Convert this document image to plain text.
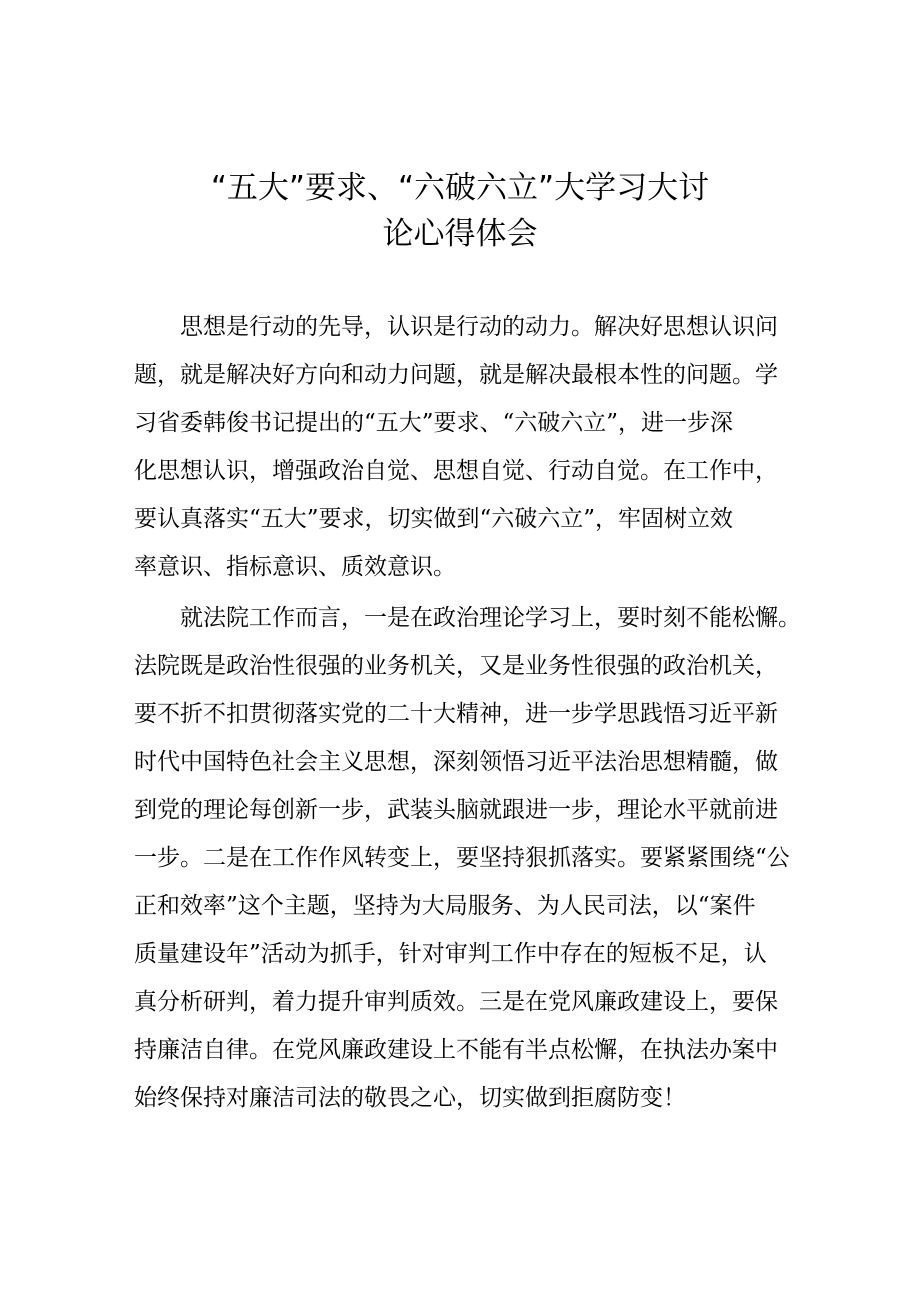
“五大”要求、“六破六立”大学习大讨
论心得体会
思想是行动的先导，认识是行动的动力。解决好思想认识问
题，就是解决好方向和动力问题，就是解决最根本性的问题。学
习省委韩俊书记提出的“五大”要求、“六破六立”，进一步深
化思想认识，增强政治自觉、思想自觉、行动自觉。在工作中，
要认真落实“五大”要求，切实做到“六破六立”，牢固树立效
率意识、指标意识、质效意识。
就法院工作而言，一是在政治理论学习上，要时刻不能松懈。
法院既是政治性很强的业务机关，又是业务性很强的政治机关，
要不折不扣贯彻落实党的二十大精神，进一步学思践悟习近平新
时代中国特色社会主义思想，深刻领悟习近平法治思想精髓，做
到党的理论每创新一步，武装头脑就跟进一步，理论水平就前进
一步。二是在工作作风转变上，要坚持狠抓落实。要紧紧围绕“公
正和效率”这个主题，坚持为大局服务、为人民司法，以“案件
质量建设年”活动为抓手，针对审判工作中存在的短板不足，认
真分析研判，着力提升审判质效。三是在党风廉政建设上，要保
持廉洁自律。在党风廉政建设上不能有半点松懈，在执法办案中
始终保持对廉洁司法的敬畏之心，切实做到拒腐防变！
